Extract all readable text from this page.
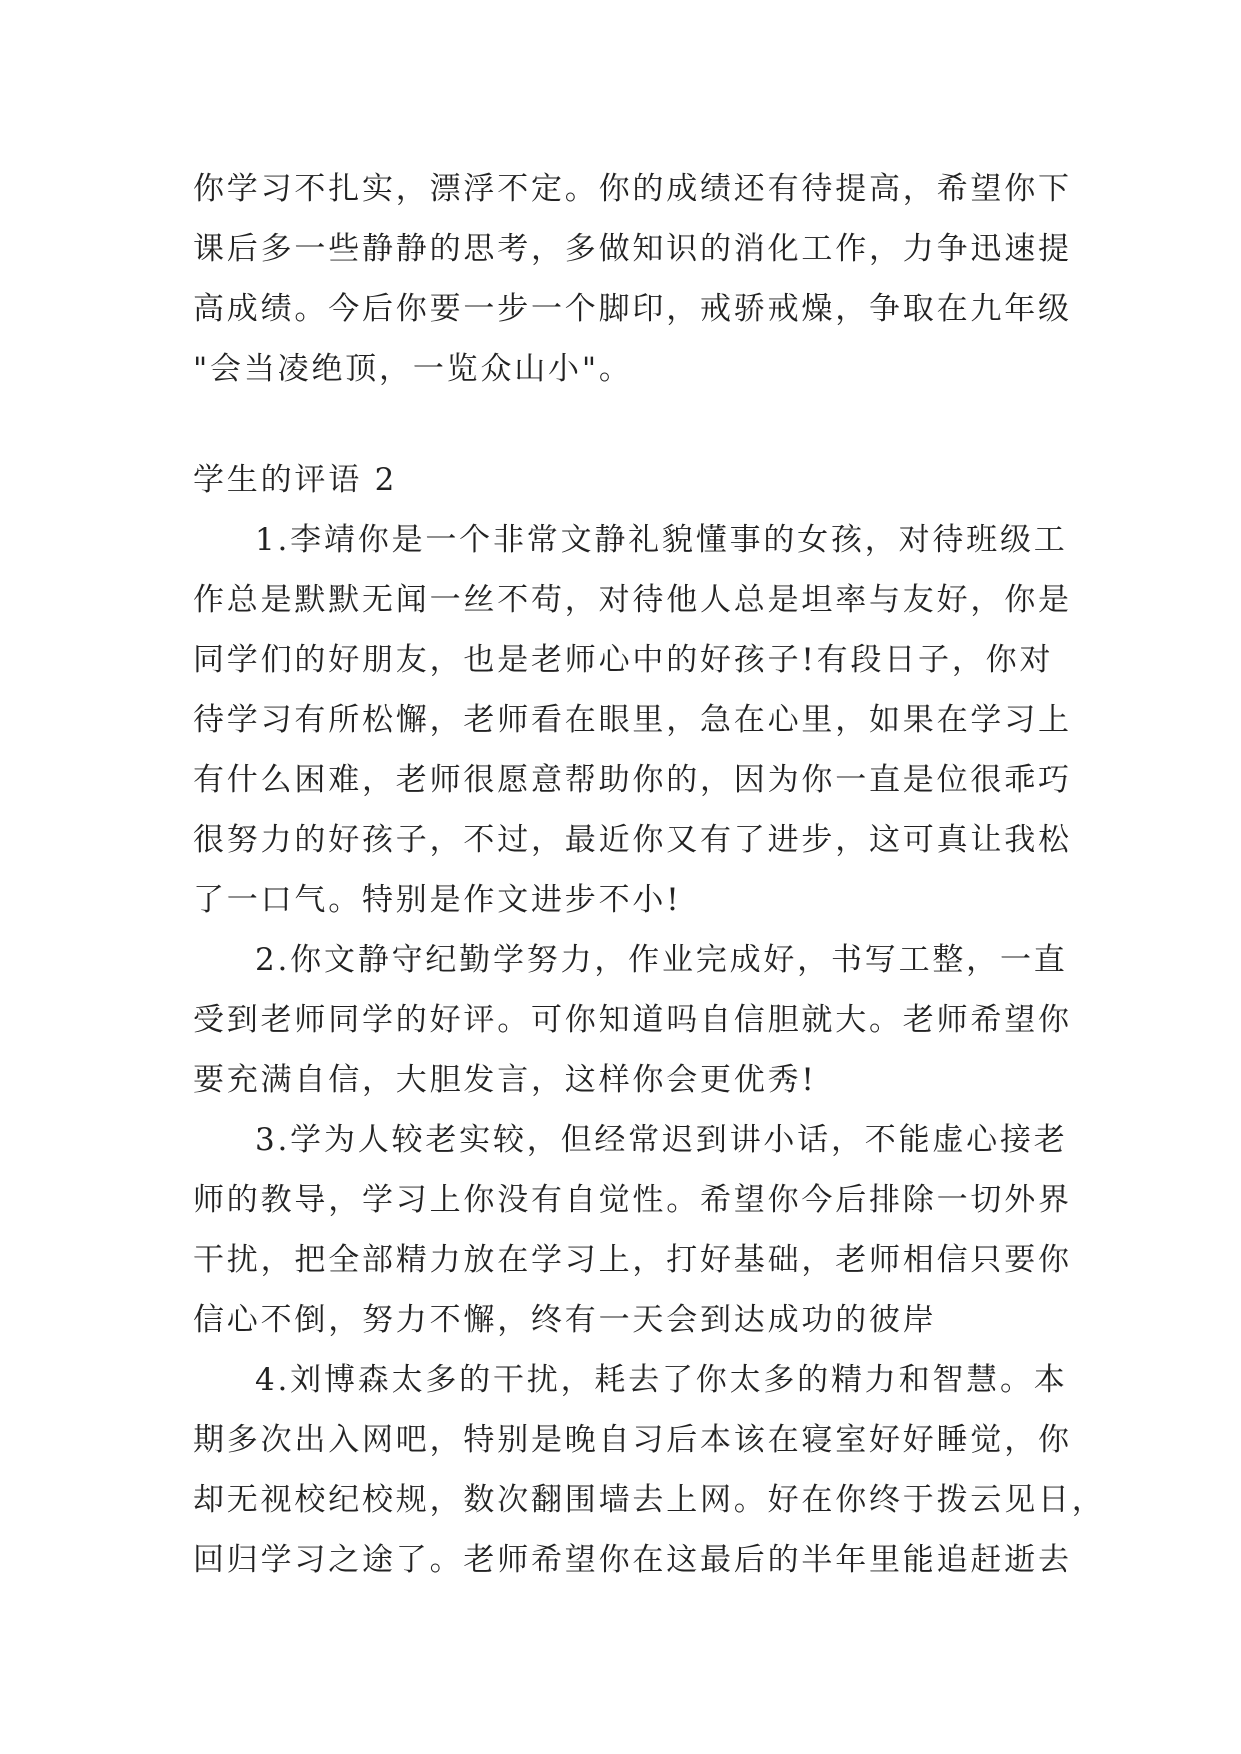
你学习不扎实，漂浮不定。你的成绩还有待提高，希望你下
课后多一些静静的思考，多做知识的消化工作，力争迅速提
高成绩。今后你要一步一个脚印，戒骄戒燥，争取在九年级
"会当凌绝顶，一览众山小"。
学生的评语 2
1.李靖你是一个非常文静礼貌懂事的女孩，对待班级工
作总是默默无闻一丝不苟，对待他人总是坦率与友好，你是
同学们的好朋友，也是老师心中的好孩子!有段日子，你对
待学习有所松懈，老师看在眼里，急在心里，如果在学习上
有什么困难，老师很愿意帮助你的，因为你一直是位很乖巧
很努力的好孩子，不过，最近你又有了进步，这可真让我松
了一口气。特别是作文进步不小!
2.你文静守纪勤学努力，作业完成好，书写工整，一直
受到老师同学的好评。可你知道吗自信胆就大。老师希望你
要充满自信，大胆发言，这样你会更优秀!
3.学为人较老实较，但经常迟到讲小话，不能虚心接老
师的教导，学习上你没有自觉性。希望你今后排除一切外界
干扰，把全部精力放在学习上，打好基础，老师相信只要你
信心不倒，努力不懈，终有一天会到达成功的彼岸
4.刘博森太多的干扰，耗去了你太多的精力和智慧。本
期多次出入网吧，特别是晚自习后本该在寝室好好睡觉，你
却无视校纪校规，数次翻围墙去上网。好在你终于拨云见日，
回归学习之途了。老师希望你在这最后的半年里能追赶逝去
